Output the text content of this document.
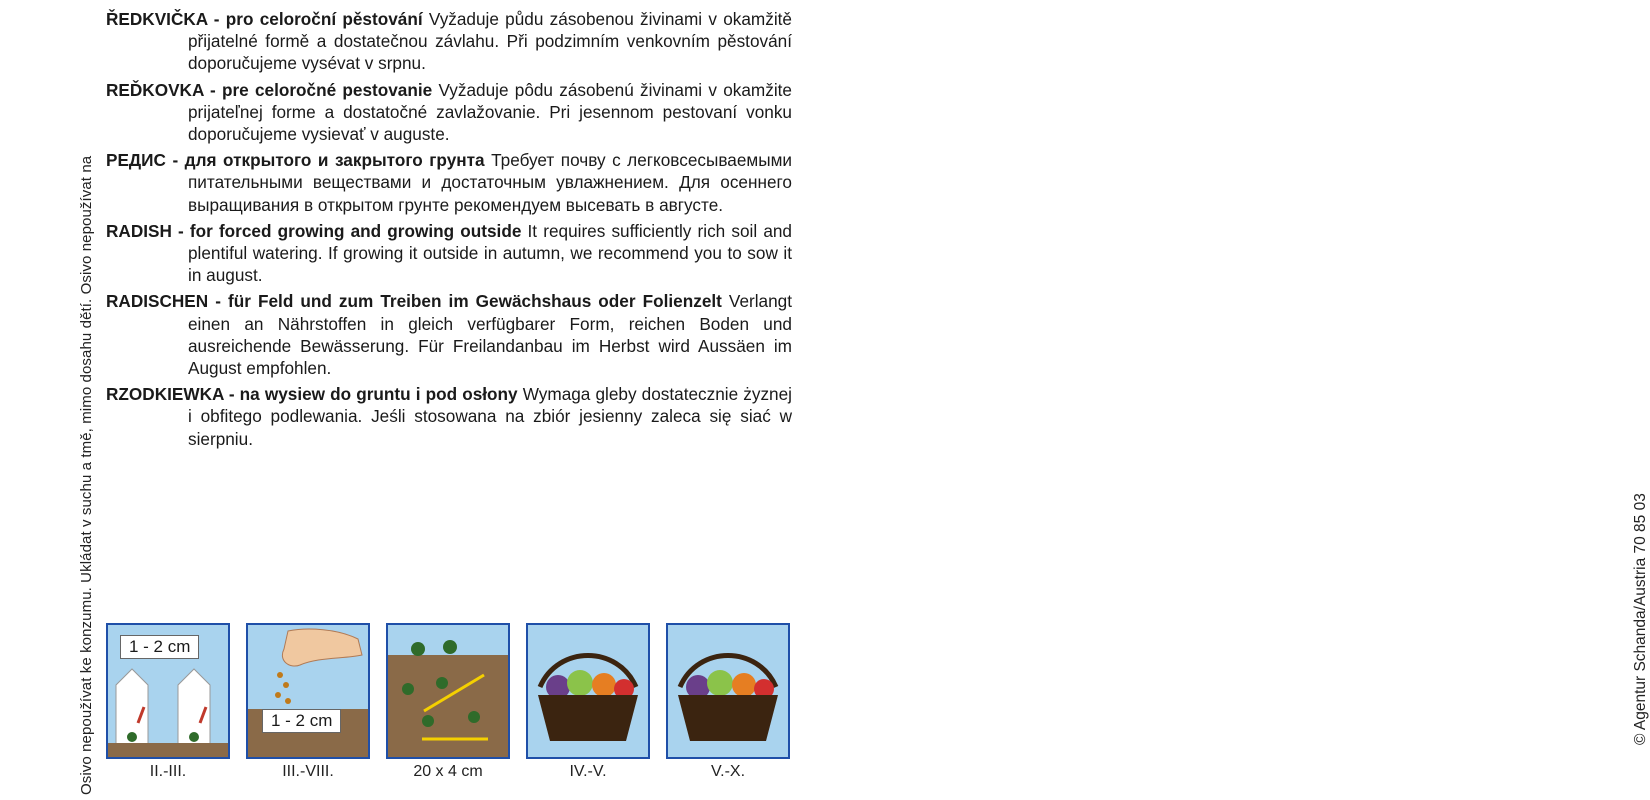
Osivo nepoužívat ke konzumu. Ukládat v suchu a tmě, mimo dosahu dětí. Osivo nepoužívat na

ŘEDKVIČKA - pro celoroční pěstování Vyžaduje půdu zásobenou živinami v okamžitě přijatelné formě a dostatečnou závlahu. Při podzimním venkovním pěstování doporučujeme vysévat v srpnu.

REĎKOVKA - pre celoročné pestovanie Vyžaduje pôdu zásobenú živinami v okamžite prijateľnej forme a dostatočné zavlažovanie. Pri jesennom pestovaní vonku doporučujeme vysievať v auguste.

РЕДИС - для открытого и закрытого грунта Требует почву с легковсесываемыми питательными веществами и достаточным увлажнением. Для осеннего выращивания в открытом грунте рекомендуем высевать в августе.

RADISH - for forced growing and growing outside It requires sufficiently rich soil and plentiful watering. If growing it outside in autumn, we recommend you to sow it in august.

RADISCHEN - für Feld und zum Treiben im Gewächshaus oder Folienzelt Verlangt einen an Nährstoffen in gleich verfügbarer Form, reichen Boden und ausreichende Bewässerung. Für Freilandanbau im Herbst wird Aussäen im August empfohlen.

RZODKIEWKA - na wysiew do gruntu i pod osłony Wymaga gleby dostatecznie żyznej i obfitego podlewania. Jeśli stosowana na zbiór jesienny zaleca się siać w sierpniu.

© Agentur Schanda/Austria 70 85 03
1 - 2 cm
II.-III.
1 - 2 cm
III.-VIII.	20 x 4 cm	IV.-V.	V.-X.
